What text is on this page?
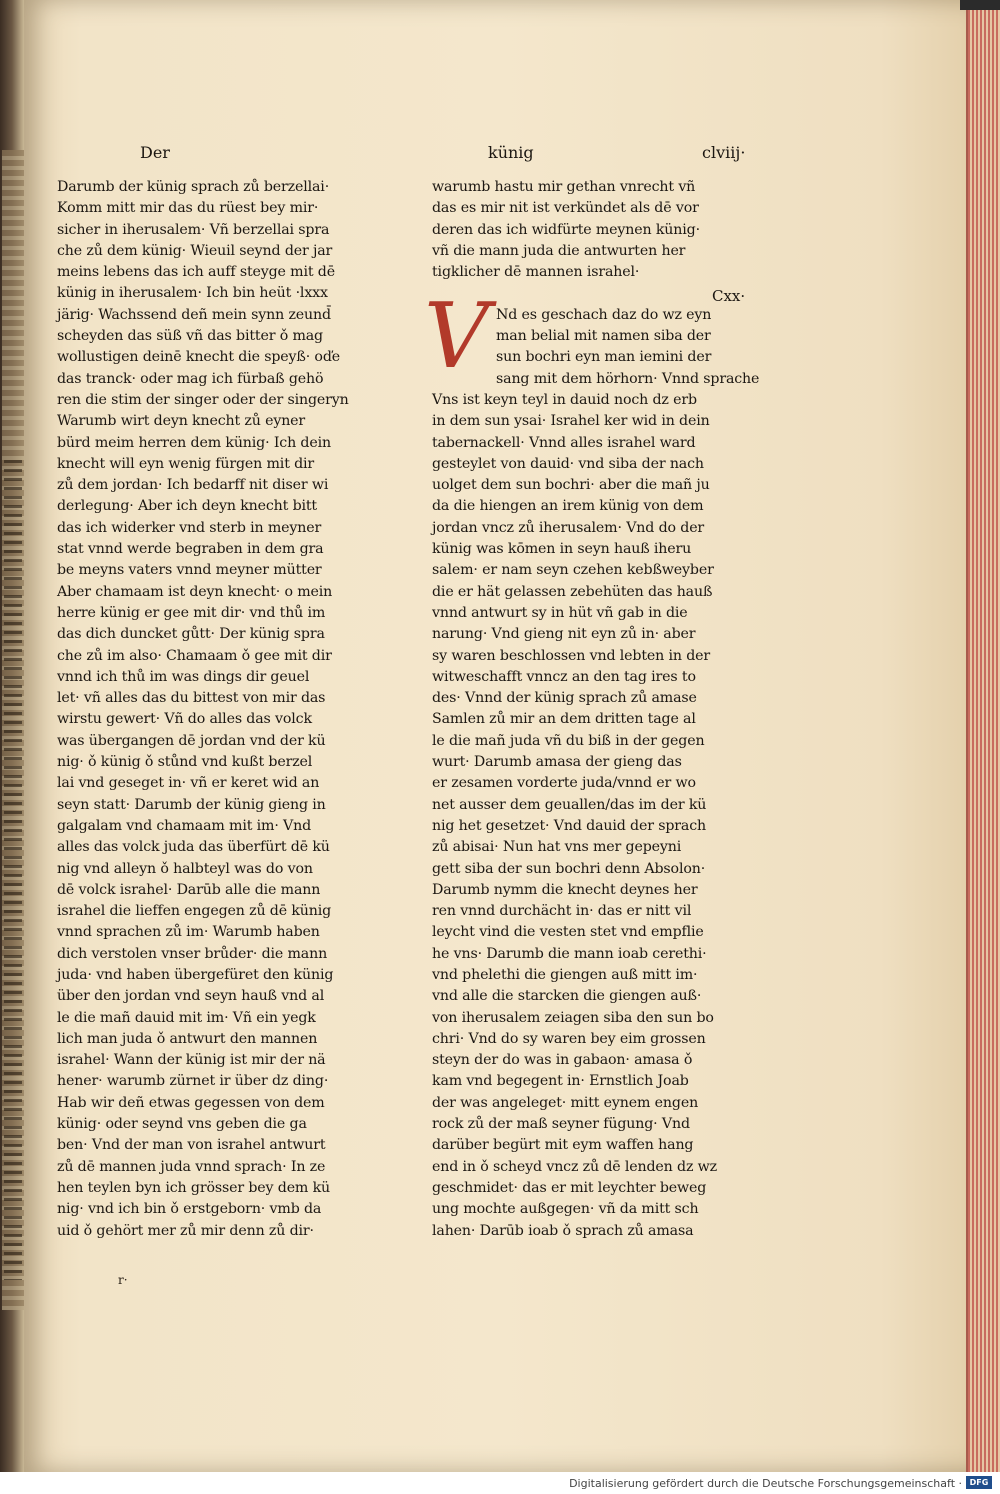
Der	künig	clviij·

Darumb der künig sprach zů berzellai·

Komm mitt mir das du rüest bey mir·

sicher in iherusalem· Vñ berzellai spra

che zů dem künig· Wieuil seynd der jar

meins lebens das ich auff steyge mit dē

künig in iherusalem· Ich bin heüt ·lxxx

järig· Wachssend deñ mein synn zeund̄

scheyden das süß vñ das bitter ǒ mag

wollustigen deinē knecht die speyß· oďe

das tranck· oder mag ich fürbaß gehö

ren die stim der singer oder der singeryn

Warumb wirt deyn knecht zů eyner

bürd meim herren dem künig· Ich dein

knecht will eyn wenig fürgen mit dir

zů dem jordan· Ich bedarff nit diser wi

derlegung· Aber ich deyn knecht bitt

das ich widerker vnd sterb in meyner

stat vnnd werde begraben in dem gra

be meyns vaters vnnd meyner mütter

Aber chamaam ist deyn knecht· o mein

herre künig er gee mit dir· vnd thů im

das dich duncket gůtt· Der künig spra

che zů im also· Chamaam ǒ gee mit dir

vnnd ich thů im was dings dir geuel

let· vñ alles das du bittest von mir das

wirstu gewert· Vñ do alles das volck

was übergangen dē jordan vnd der kü

nig· ǒ künig ǒ stůnd vnd kußt berzel

lai vnd geseget in· vñ er keret wid an

seyn statt· Darumb der künig gieng in

galgalam vnd chamaam mit im· Vnd

alles das volck juda das überfürt dē kü

nig vnd alleyn ǒ halbteyl was do von

dē volck israhel· Darūb alle die mann

israhel die lieffen engegen zů dē künig

vnnd sprachen zů im· Warumb haben

dich verstolen vnser brůder· die mann

juda· vnd haben übergefüret den künig

über den jordan vnd seyn hauß vnd al

le die mañ dauid mit im· Vñ ein yegk

lich man juda ǒ antwurt den mannen

israhel· Wann der künig ist mir der nä

hener· warumb zürnet ir über dz ding·

Hab wir deñ etwas gegessen von dem

künig· oder seynd vns geben die ga

ben· Vnd der man von israhel antwurt

zů dē mannen juda vnnd sprach· In ze

hen teylen byn ich grösser bey dem kü

nig· vnd ich bin ǒ erstgeborn· vmb da

uid ǒ gehört mer zů mir denn zů dir·

warumb hastu mir gethan vnrecht vñ

das es mir nit ist verkündet als dē vor

deren das ich widfürte meynen künig·

vñ die mann juda die antwurten her

tigklicher dē mannen israhel·

Nd es geschach daz do wz eyn

man belial mit namen siba der

sun bochri eyn man iemini der

sang mit dem hörhorn· Vnnd sprache

Vns ist keyn teyl in dauid noch dz erb

in dem sun ysai· Israhel ker wid in dein

tabernackell· Vnnd alles israhel ward

gesteylet von dauid· vnd siba der nach

uolget dem sun bochri· aber die mañ ju

da die hiengen an irem künig von dem

jordan vncz zů iherusalem· Vnd do der

künig was kōmen in seyn hauß iheru

salem· er nam seyn czehen kebßweyber

die er hät gelassen zebehüten das hauß

vnnd antwurt sy in hüt vñ gab in die

narung· Vnd gieng nit eyn zů in· aber

sy waren beschlossen vnd lebten in der

witweschafft vnncz an den tag ires to

des· Vnnd der künig sprach zů amase

Samlen zů mir an dem dritten tage al

le die mañ juda vñ du biß in der gegen

wurt· Darumb amasa der gieng das

er zesamen vorderte juda/vnnd er wo

net ausser dem geuallen/das im der kü

nig het gesetzet· Vnd dauid der sprach

zů abisai· Nun hat vns mer gepeyni

gett siba der sun bochri denn Absolon·

Darumb nymm die knecht deynes her

ren vnnd durchächt in· das er nitt vil

leycht vind die vesten stet vnd empflie

he vns· Darumb die mann ioab cerethi·

vnd phelethi die giengen auß mitt im·

vnd alle die starcken die giengen auß·

von iherusalem zeiagen siba den sun bo

chri· Vnd do sy waren bey eim grossen

steyn der do was in gabaon· amasa ǒ

kam vnd begegent in· Ernstlich Joab

der was angeleget· mitt eynem engen

rock zů der maß seyner fügung· Vnd

darüber begürt mit eym waffen hang

end in ǒ scheyd vncz zů dē lenden dz wz

geschmidet· das er mit leychter beweg

ung mochte außgegen· vñ da mitt sch

lahen· Darūb ioab ǒ sprach zů amasa

Cxx·
V
r·
Digitalisierung gefördert durch die Deutsche Forschungsgemeinschaft · DFG
